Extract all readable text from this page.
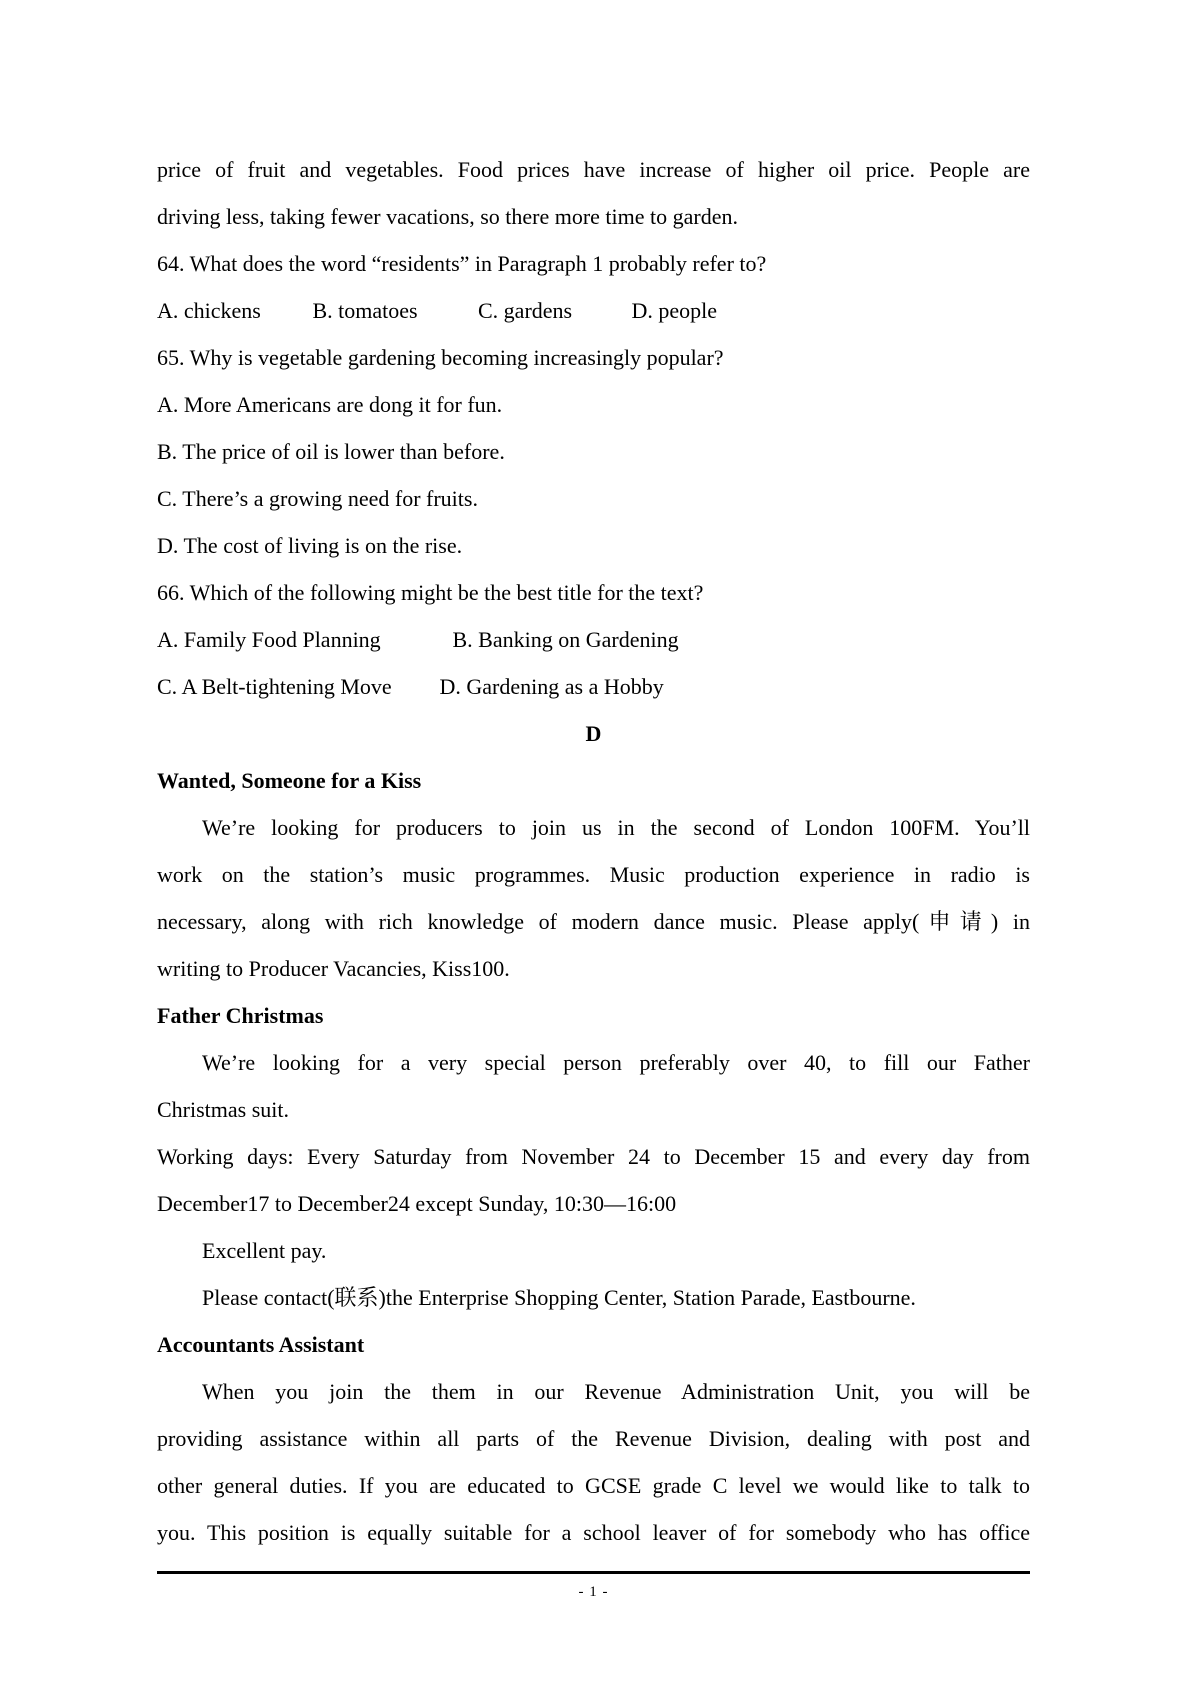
price of fruit and vegetables. Food prices have increase of higher oil price. People are
driving less, taking fewer vacations, so there more time to garden.
64. What does the word “residents” in Paragraph 1 probably refer to?
A. chickens B. tomatoes	C. gardens	D. people
65. Why is vegetable gardening becoming increasingly popular?
A. More Americans are dong it for fun.
B. The price of oil is lower than before.
C. There’s a growing need for fruits.
D. The cost of living is on the rise.
66. Which of the following might be the best title for the text?
A. Family Food Planning	B. Banking on Gardening
C. A Belt-tightening Move D. Gardening as a Hobby
D
Wanted, Someone for a Kiss
We’re looking for producers to join us in the second of London 100FM. You’ll
work on the station’s music programmes. Music production experience in radio is
necessary, along with rich knowledge of modern dance music. Please apply(申请) in
writing to Producer Vacancies, Kiss100.
Father Christmas
We’re looking for a very special person preferably over 40, to fill our Father
Christmas suit.
Working days: Every Saturday from November 24 to December 15 and every day from
December17 to December24 except Sunday, 10:30—16:00
Excellent pay.
Please contact(联系)the Enterprise Shopping Center, Station Parade, Eastbourne.
Accountants Assistant
When you join the them in our Revenue Administration Unit, you will be
providing assistance within all parts of the Revenue Division, dealing with post and
other general duties. If you are educated to GCSE grade C level we would like to talk to
you. This position is equally suitable for a school leaver of for somebody who has office
- 1 -
